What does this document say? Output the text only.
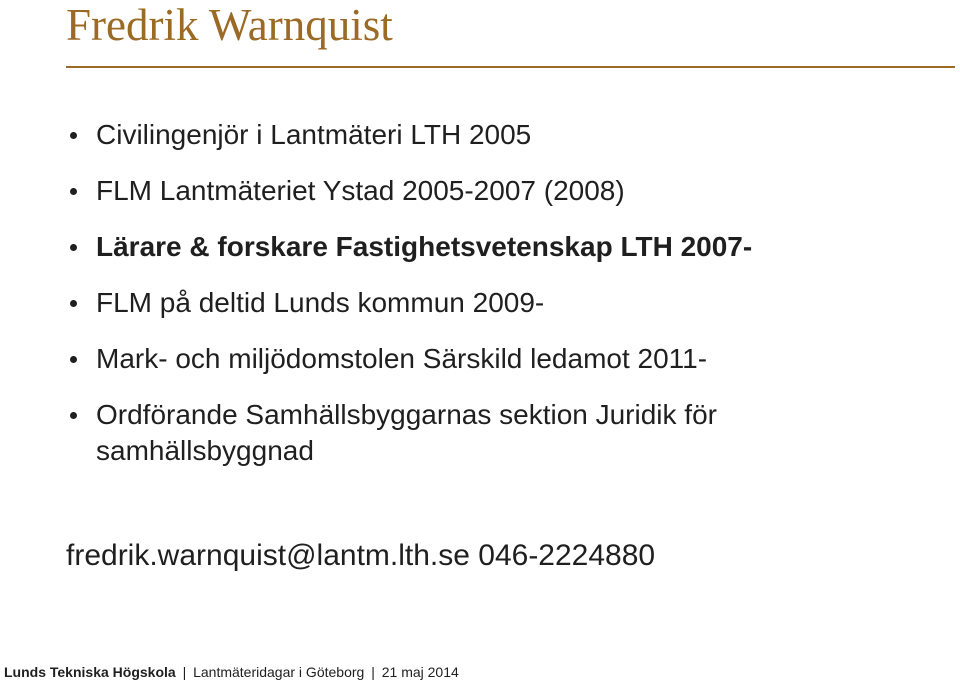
Fredrik Warnquist
Civilingenjör i Lantmäteri LTH 2005
FLM Lantmäteriet Ystad 2005-2007 (2008)
Lärare & forskare Fastighetsvetenskap LTH 2007-
FLM på deltid Lunds kommun 2009-
Mark- och miljödomstolen Särskild ledamot 2011-
Ordförande Samhällsbyggarnas sektion Juridik för samhällsbyggnad
fredrik.warnquist@lantm.lth.se 046-2224880
Lunds Tekniska Högskola | Lantmäteridagar i Göteborg | 21 maj 2014
